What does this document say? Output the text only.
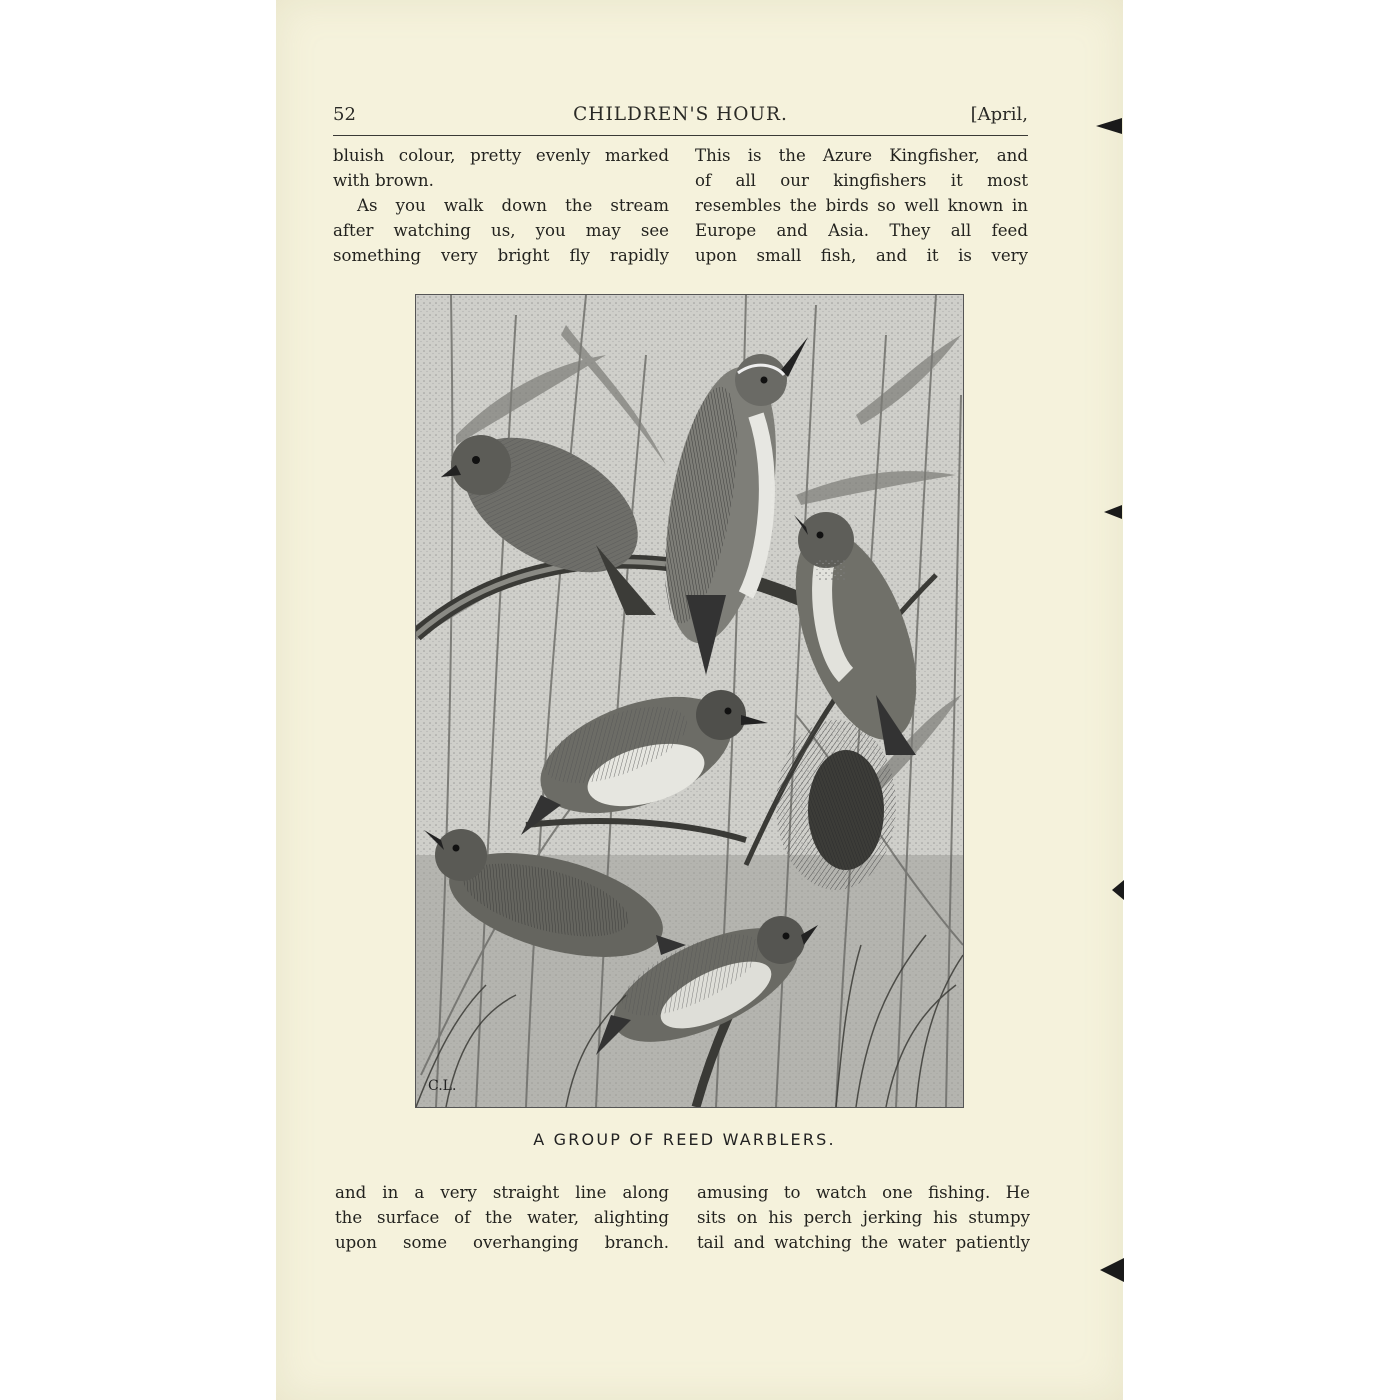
52	CHILDREN'S HOUR.	[April,
bluish colour, pretty evenly marked
with brown.
As you walk down the stream
after watching us, you may see
something very bright fly rapidly
This is the Azure Kingfisher, and
of all our kingfishers it most
resembles the birds so well known in
Europe and Asia. They all feed
upon small fish, and it is very
C.L.
A GROUP OF REED WARBLERS.
and in a very straight line along
the surface of the water, alighting
upon some overhanging branch.
amusing to watch one fishing. He
sits on his perch jerking his stumpy
tail and watching the water patiently
